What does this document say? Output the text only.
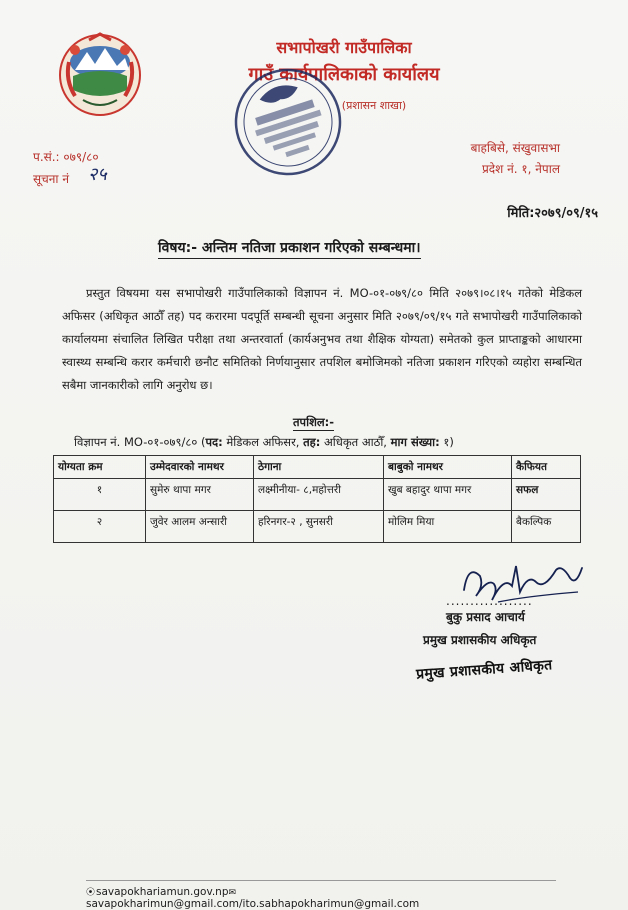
सभापोखरी गाउँपालिका
गाउँ कार्यपालिकाको कार्यालय
(प्रशासन शाखा)
प.सं.: ०७९/८०
सूचना नं २५
बाहबिसे, संखुवासभा
प्रदेश नं. १, नेपाल
मिति:२०७९/०९/१५
विषय:- अन्तिम नतिजा प्रकाशन गरिएको सम्बन्धमा।
प्रस्तुत विषयमा यस सभापोखरी गाउँपालिकाको विज्ञापन नं. MO-०१-०७९/८० मिति २०७९।०८।१५ गतेको मेडिकल अफिसर (अधिकृत आठौँ तह) पद करारमा पदपूर्ति सम्बन्धी सूचना अनुसार मिति २०७९/०९/१५ गते सभापोखरी गाउँपालिकाको कार्यालयमा संचालित लिखित परीक्षा तथा अन्तरवार्ता (कार्यअनुभव तथा शैक्षिक योग्यता) समेतको कुल प्राप्ताङ्कको आधारमा स्वास्थ्य सम्बन्धि करार कर्मचारी छनौट समितिको निर्णयानुसार तपशिल बमोजिमको नतिजा प्रकाशन गरिएको व्यहोरा सम्बन्धित सबैमा जानकारीको लागि अनुरोध छ।
तपशिल:-
विज्ञापन नं. MO-०१-०७९/८० (पद: मेडिकल अफिसर, तह: अधिकृत आठौँ, माग संख्या: १)
योग्यता क्रम	उम्मेदवारको नामथर	ठेगाना	बाबुको नामथर	कैफियत
१	सुमेरु थापा मगर	लक्ष्मीनीया- ८,महोत्तरी	खुब बहादुर थापा मगर	सफल
२	जुवेर आलम अन्सारी	हरिनगर-२ , सुनसरी	मोलिम मिया	बैकल्पिक
..................
बुकु प्रसाद आचार्य
प्रमुख प्रशासकीय अधिकृत
प्रमुख प्रशासकीय अधिकृत
⦿savapokhariamun.gov.np✉savapokharimun@gmail.com/ito.sabhapokharimun@gmail.com
